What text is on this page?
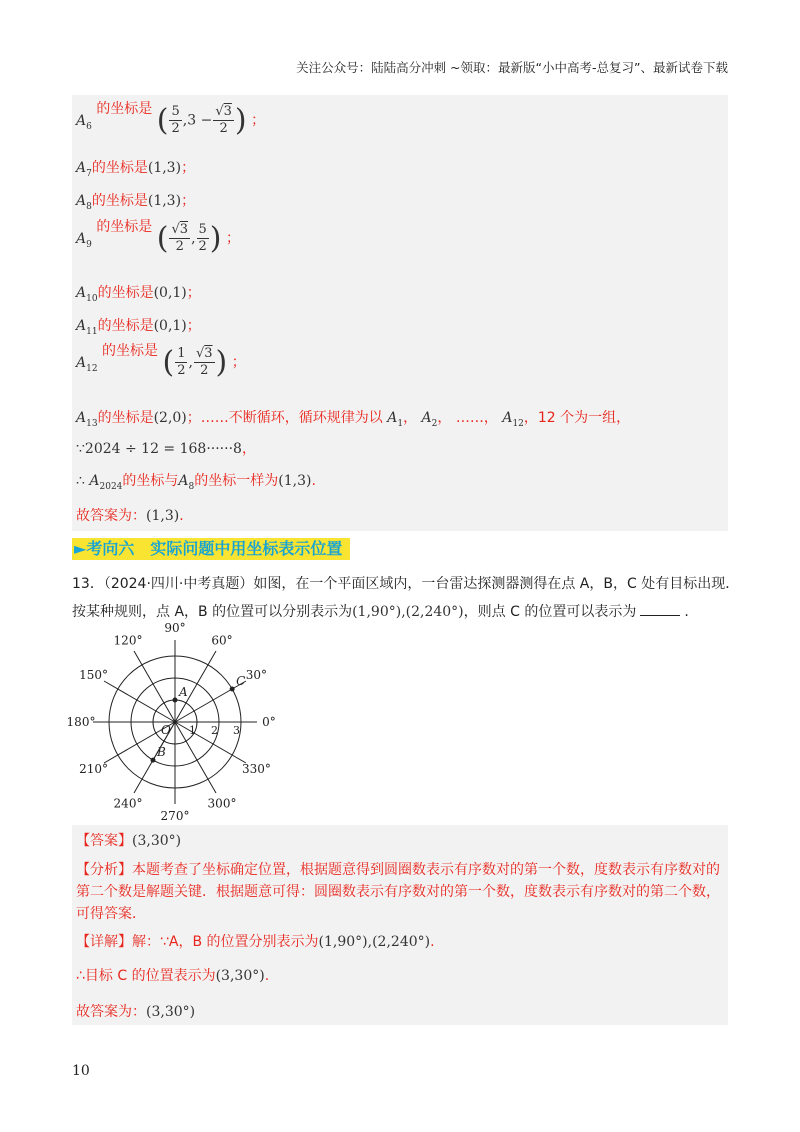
关注公众号：陆陆高分冲刺 ~领取：最新版“小中高考-总复习”、最新试卷下载
$A_6$ 的坐标是 ( $\frac{5}{2} ,3 - \frac{√3}{2}$ ) ；
$A_7$的坐标是(1,3)；
$A_8$的坐标是(1,3)；
$A_9$ 的坐标是 ( $\frac{√3}{2}$ , $\frac{5}{2}$ ) ；
$A_{10}$的坐标是(0,1)；
$A_{11}$的坐标是(0,1)；
$A_{12}$ 的坐标是 ( $\frac{1}{2}$ , $\frac{√3}{2}$ ) ；
$A_{13}$的坐标是(2,0)；……不断循环，循环规律为以 $A_1$， $A_2$， ……， $A_{12}$，12 个为一组，
∵2024 ÷ 12 = 168······8，
∴ $A_{2024}$的坐标与$A_8$的坐标一样为(1,3).
故答案为：(1,3).
►考向六　实际问题中用坐标表示位置
13．（2024·四川·中考真题）如图，在一个平面区域内，一台雷达探测器测得在点 A，B，C 处有目标出现．
按某种规则，点 A，B 的位置可以分别表示为(1,90°),(2,240°)，则点 C 的位置可以表示为	.
0°
30°
60°
90°
120°
150°
180°
210°
240°
270°
300°
330°
1 2 3
O
A
B
C
【答案】(3,30°)
【分析】本题考查了坐标确定位置，根据题意得到圆圈数表示有序数对的第一个数，度数表示有序数对的
第二个数是解题关键．根据题意可得：圆圈数表示有序数对的第一个数，度数表示有序数对的第二个数，
可得答案．
【详解】解：∵A，B 的位置分别表示为(1,90°),(2,240°).
∴目标 C 的位置表示为(3,30°).
故答案为：(3,30°)
10
